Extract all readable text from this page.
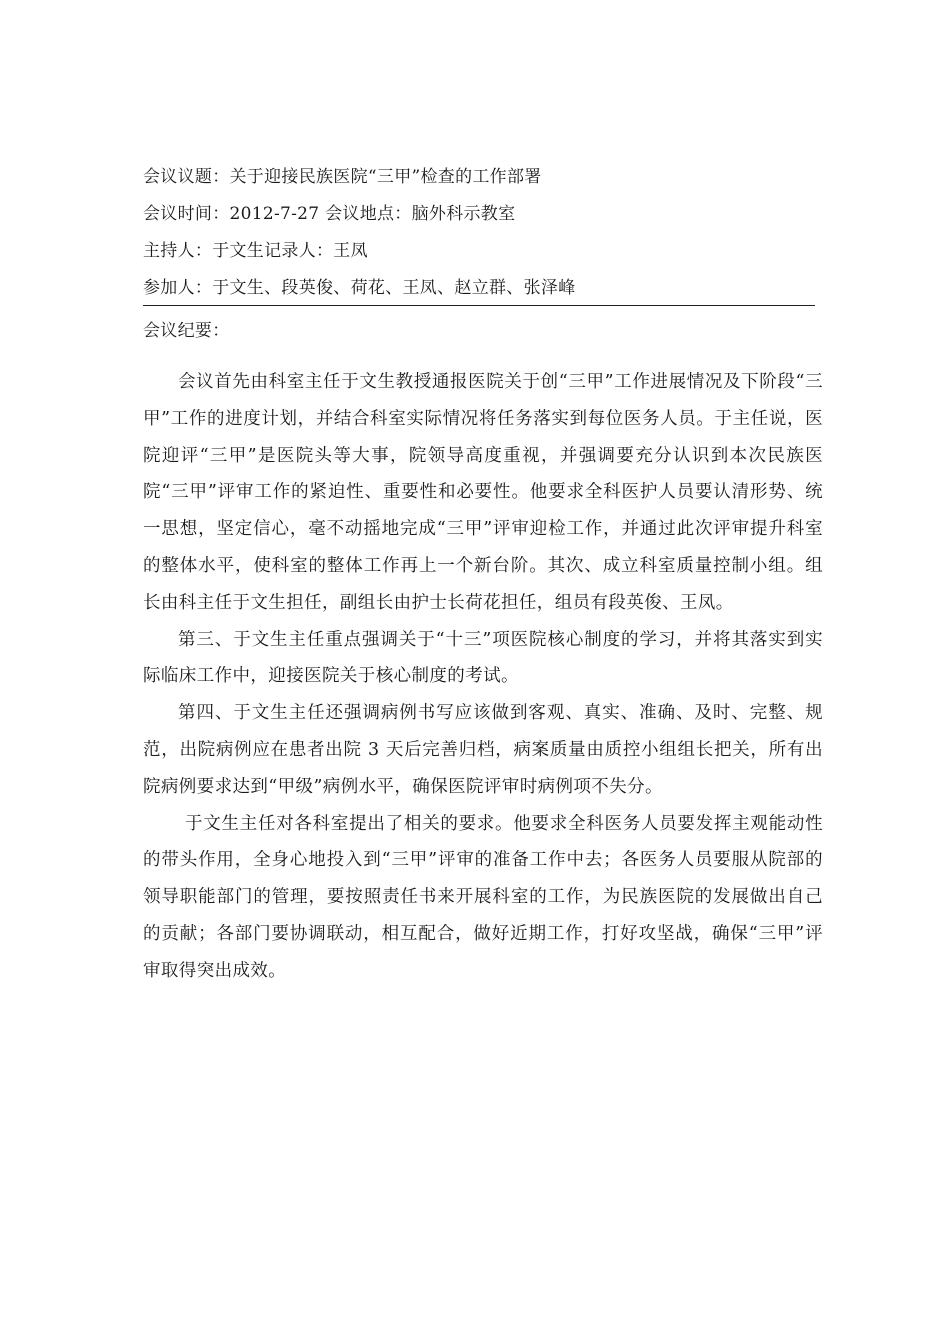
会议议题：关于迎接民族医院“三甲”检查的工作部署
会议时间：2012-7-27 会议地点：脑外科示教室
主持人：于文生记录人：王凤
参加人：于文生、段英俊、荷花、王凤、赵立群、张泽峰
会议纪要：

会议首先由科室主任于文生教授通报医院关于创“三甲”工作进展情况及下阶段“三甲”工作的进度计划，并结合科室实际情况将任务落实到每位医务人员。于主任说，医院迎评“三甲”是医院头等大事，院领导高度重视，并强调要充分认识到本次民族医院“三甲”评审工作的紧迫性、重要性和必要性。他要求全科医护人员要认清形势、统一思想，坚定信心，毫不动摇地完成“三甲”评审迎检工作，并通过此次评审提升科室的整体水平，使科室的整体工作再上一个新台阶。其次、成立科室质量控制小组。组长由科主任于文生担任，副组长由护士长荷花担任，组员有段英俊、王凤。

第三、于文生主任重点强调关于“十三”项医院核心制度的学习，并将其落实到实际临床工作中，迎接医院关于核心制度的考试。

第四、于文生主任还强调病例书写应该做到客观、真实、准确、及时、完整、规范，出院病例应在患者出院 3 天后完善归档，病案质量由质控小组组长把关，所有出院病例要求达到“甲级”病例水平，确保医院评审时病例项不失分。

于文生主任对各科室提出了相关的要求。他要求全科医务人员要发挥主观能动性的带头作用，全身心地投入到“三甲”评审的准备工作中去；各医务人员要服从院部的领导职能部门的管理，要按照责任书来开展科室的工作，为民族医院的发展做出自己的贡献；各部门要协调联动，相互配合，做好近期工作，打好攻坚战，确保“三甲”评审取得突出成效。
